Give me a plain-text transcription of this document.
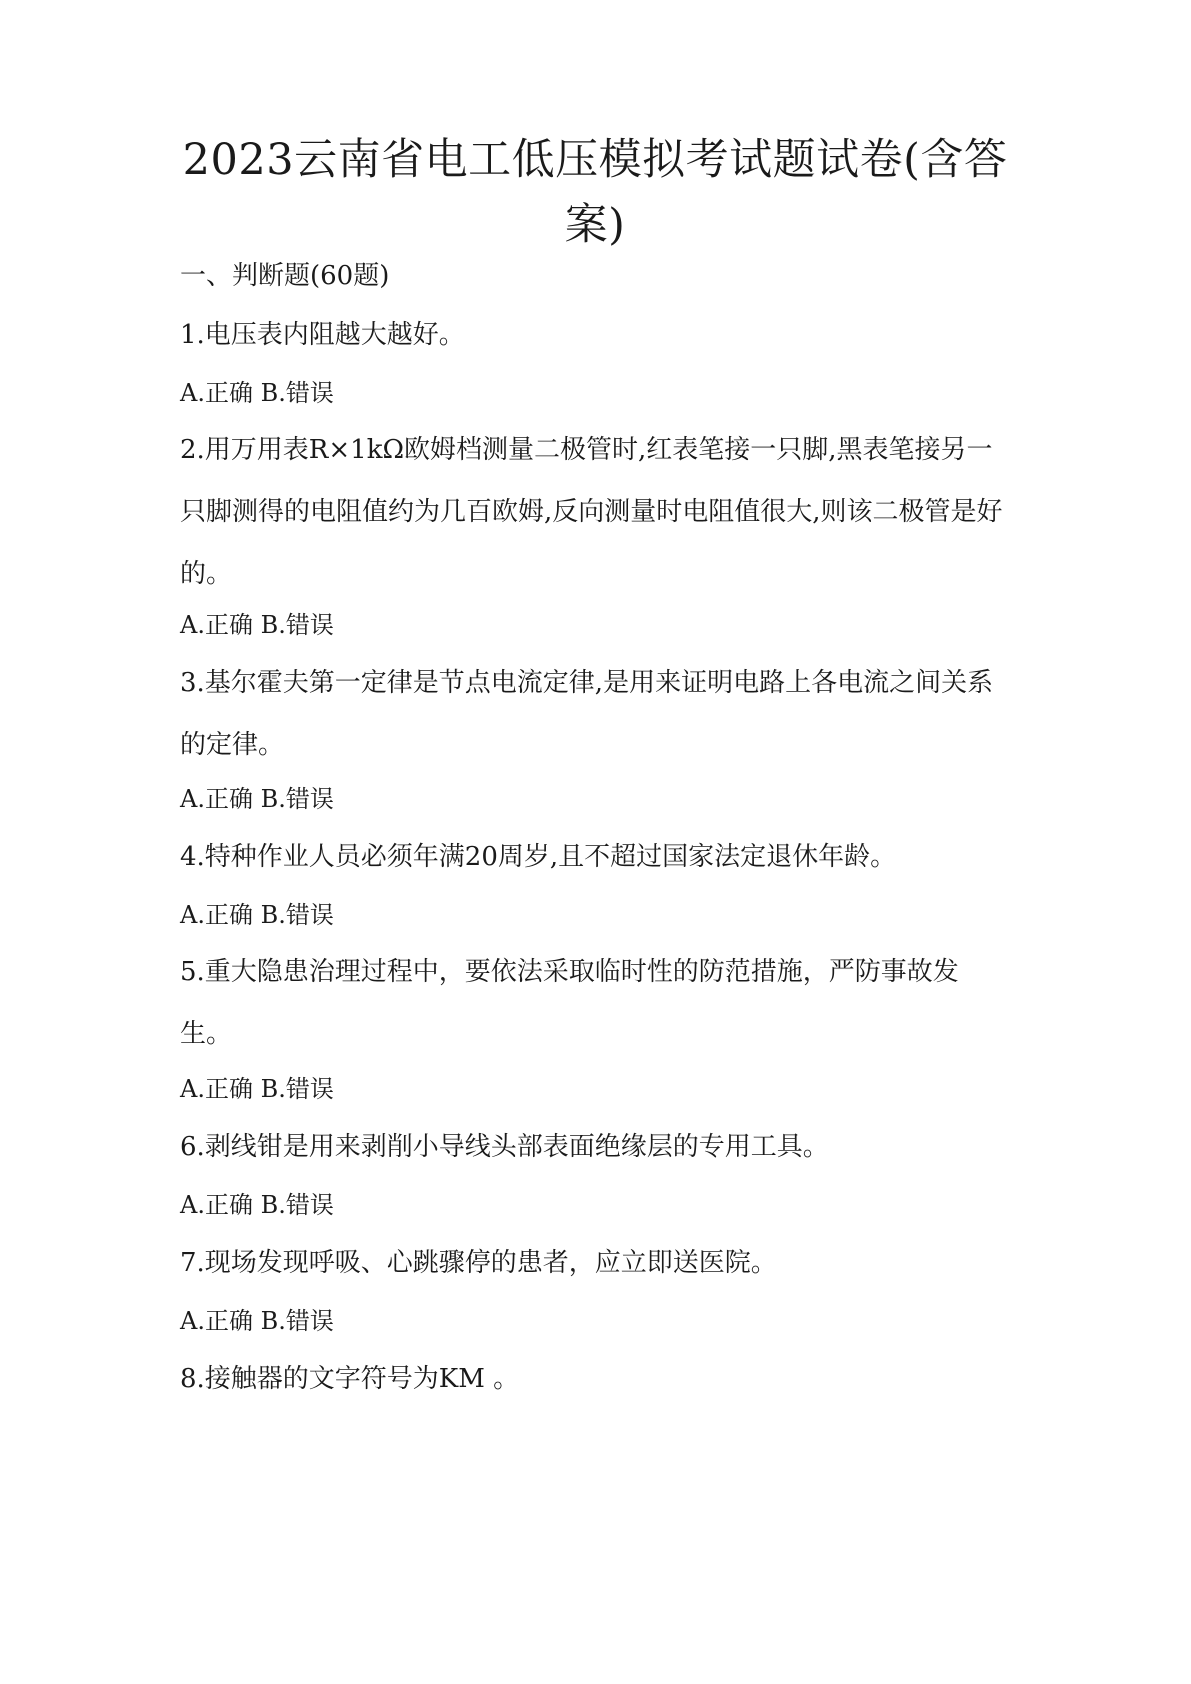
2023云南省电工低压模拟考试题试卷(含答案)

一、判断题(60题)

1.电压表内阻越大越好。

A.正确 B.错误

2.用万用表R×1kΩ欧姆档测量二极管时,红表笔接一只脚,黑表笔接另一只脚测得的电阻值约为几百欧姆,反向测量时电阻值很大,则该二极管是好的。

A.正确 B.错误

3.基尔霍夫第一定律是节点电流定律,是用来证明电路上各电流之间关系的定律。

A.正确 B.错误

4.特种作业人员必须年满20周岁,且不超过国家法定退休年龄。

A.正确 B.错误

5.重大隐患治理过程中，要依法采取临时性的防范措施，严防事故发生。

A.正确 B.错误

6.剥线钳是用来剥削小导线头部表面绝缘层的专用工具。

A.正确 B.错误

7.现场发现呼吸、心跳骤停的患者，应立即送医院。

A.正确 B.错误

8.接触器的文字符号为KM 。
